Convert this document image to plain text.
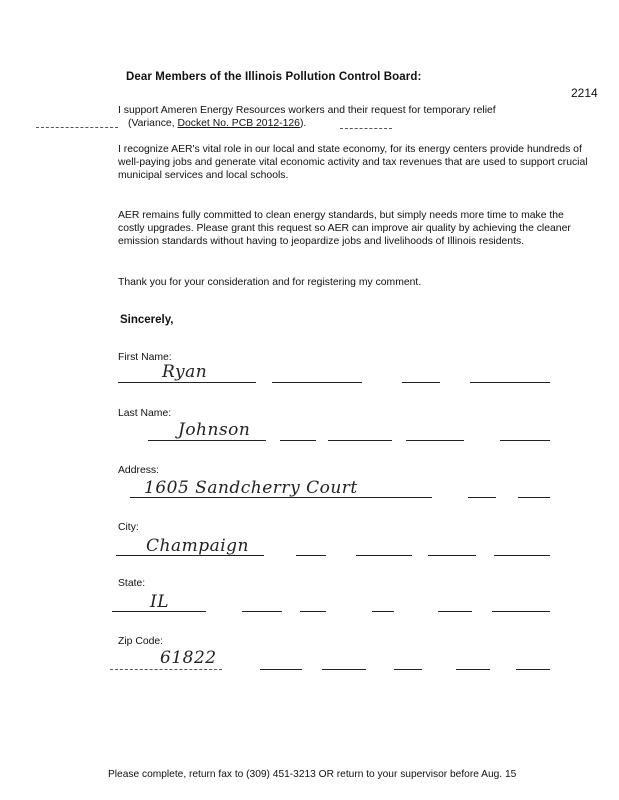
Dear Members of the Illinois Pollution Control Board:
2214
I support Ameren Energy Resources workers and their request for temporary relief
(Variance, Docket No. PCB 2012-126).
I recognize AER's vital role in our local and state economy, for its energy centers provide hundreds of well-paying jobs and generate vital economic activity and tax revenues that are used to support crucial municipal services and local schools.
AER remains fully committed to clean energy standards, but simply needs more time to make the costly upgrades. Please grant this request so AER can improve air quality by achieving the cleaner emission standards without having to jeopardize jobs and livelihoods of Illinois residents.
Thank you for your consideration and for registering my comment.
Sincerely,
First Name:
Ryan
Last Name:
Johnson
Address:
1605 Sandcherry Court
City:
Champaign
State:
IL
Zip Code:
61822
Please complete, return fax to (309) 451-3213 OR return to your supervisor before Aug. 15
